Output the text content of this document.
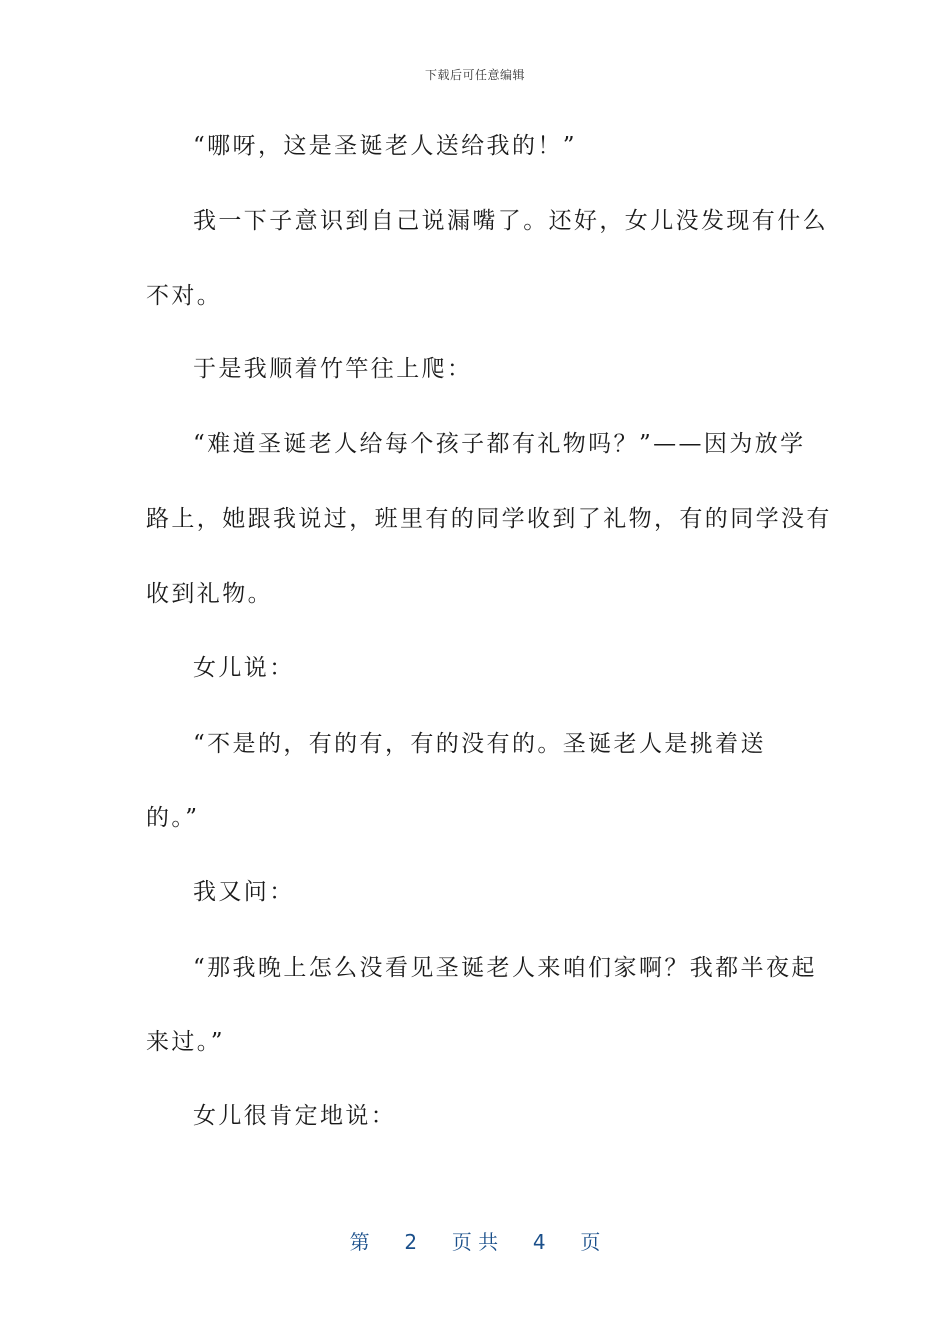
下载后可任意编辑
“哪呀，这是圣诞老人送给我的！”
我一下子意识到自己说漏嘴了。还好，女儿没发现有什么
不对。
于是我顺着竹竿往上爬：
“难道圣诞老人给每个孩子都有礼物吗？”——因为放学
路上，她跟我说过，班里有的同学收到了礼物，有的同学没有
收到礼物。
女儿说：
“不是的，有的有，有的没有的。圣诞老人是挑着送
的。”
我又问：
“那我晚上怎么没看见圣诞老人来咱们家啊？我都半夜起
来过。”
女儿很肯定地说：
第 2 页 共 4 页
